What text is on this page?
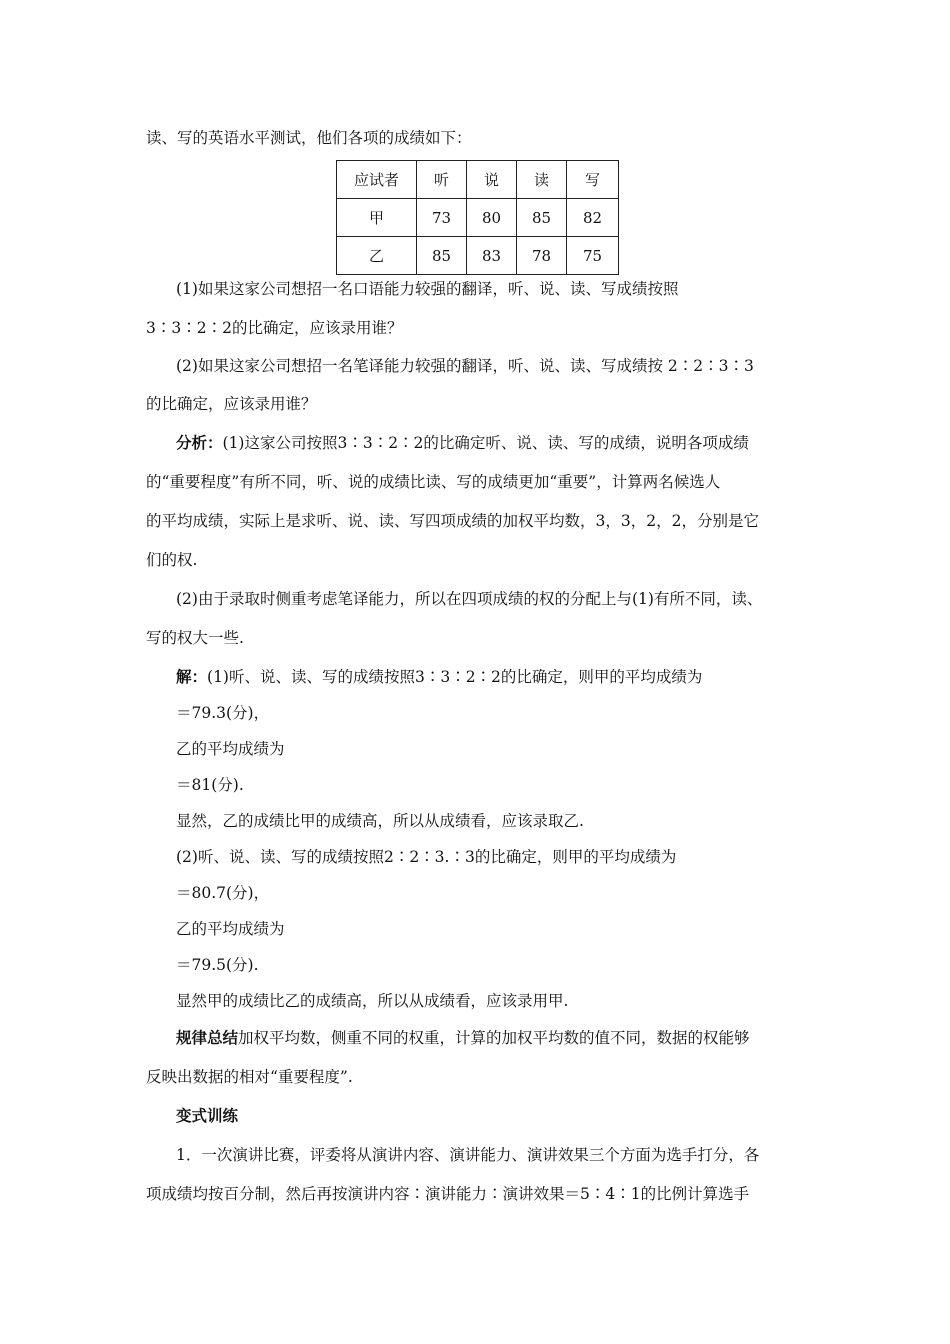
读、写的英语水平测试，他们各项的成绩如下：
应试者	听	说	读	写
甲	73	80	85	82
乙	85	83	78	75
(1)如果这家公司想招一名口语能力较强的翻译，听、说、读、写成绩按照
3∶3∶2∶2的比确定，应该录用谁？
(2)如果这家公司想招一名笔译能力较强的翻译，听、说、读、写成绩按 2∶2∶3∶3
的比确定，应该录用谁？
分析：(1)这家公司按照3∶3∶2∶2的比确定听、说、读、写的成绩，说明各项成绩
的“重要程度”有所不同，听、说的成绩比读、写的成绩更加“重要”，计算两名候选人
的平均成绩，实际上是求听、说、读、写四项成绩的加权平均数，3，3，2，2，分别是它
们的权.
(2)由于录取时侧重考虑笔译能力，所以在四项成绩的权的分配上与(1)有所不同，读、
写的权大一些.
解：(1)听、说、读、写的成绩按照3∶3∶2∶2的比确定，则甲的平均成绩为
＝79.3(分)，
乙的平均成绩为
＝81(分).
显然，乙的成绩比甲的成绩高，所以从成绩看，应该录取乙.
(2)听、说、读、写的成绩按照2∶2∶3.∶3的比确定，则甲的平均成绩为
＝80.7(分)，
乙的平均成绩为
＝79.5(分).
显然甲的成绩比乙的成绩高，所以从成绩看，应该录用甲.
规律总结加权平均数，侧重不同的权重，计算的加权平均数的值不同，数据的权能够
反映出数据的相对“重要程度”.
变式训练
1．一次演讲比赛，评委将从演讲内容、演讲能力、演讲效果三个方面为选手打分，各
项成绩均按百分制，然后再按演讲内容∶演讲能力∶演讲效果＝5∶4∶1的比例计算选手
